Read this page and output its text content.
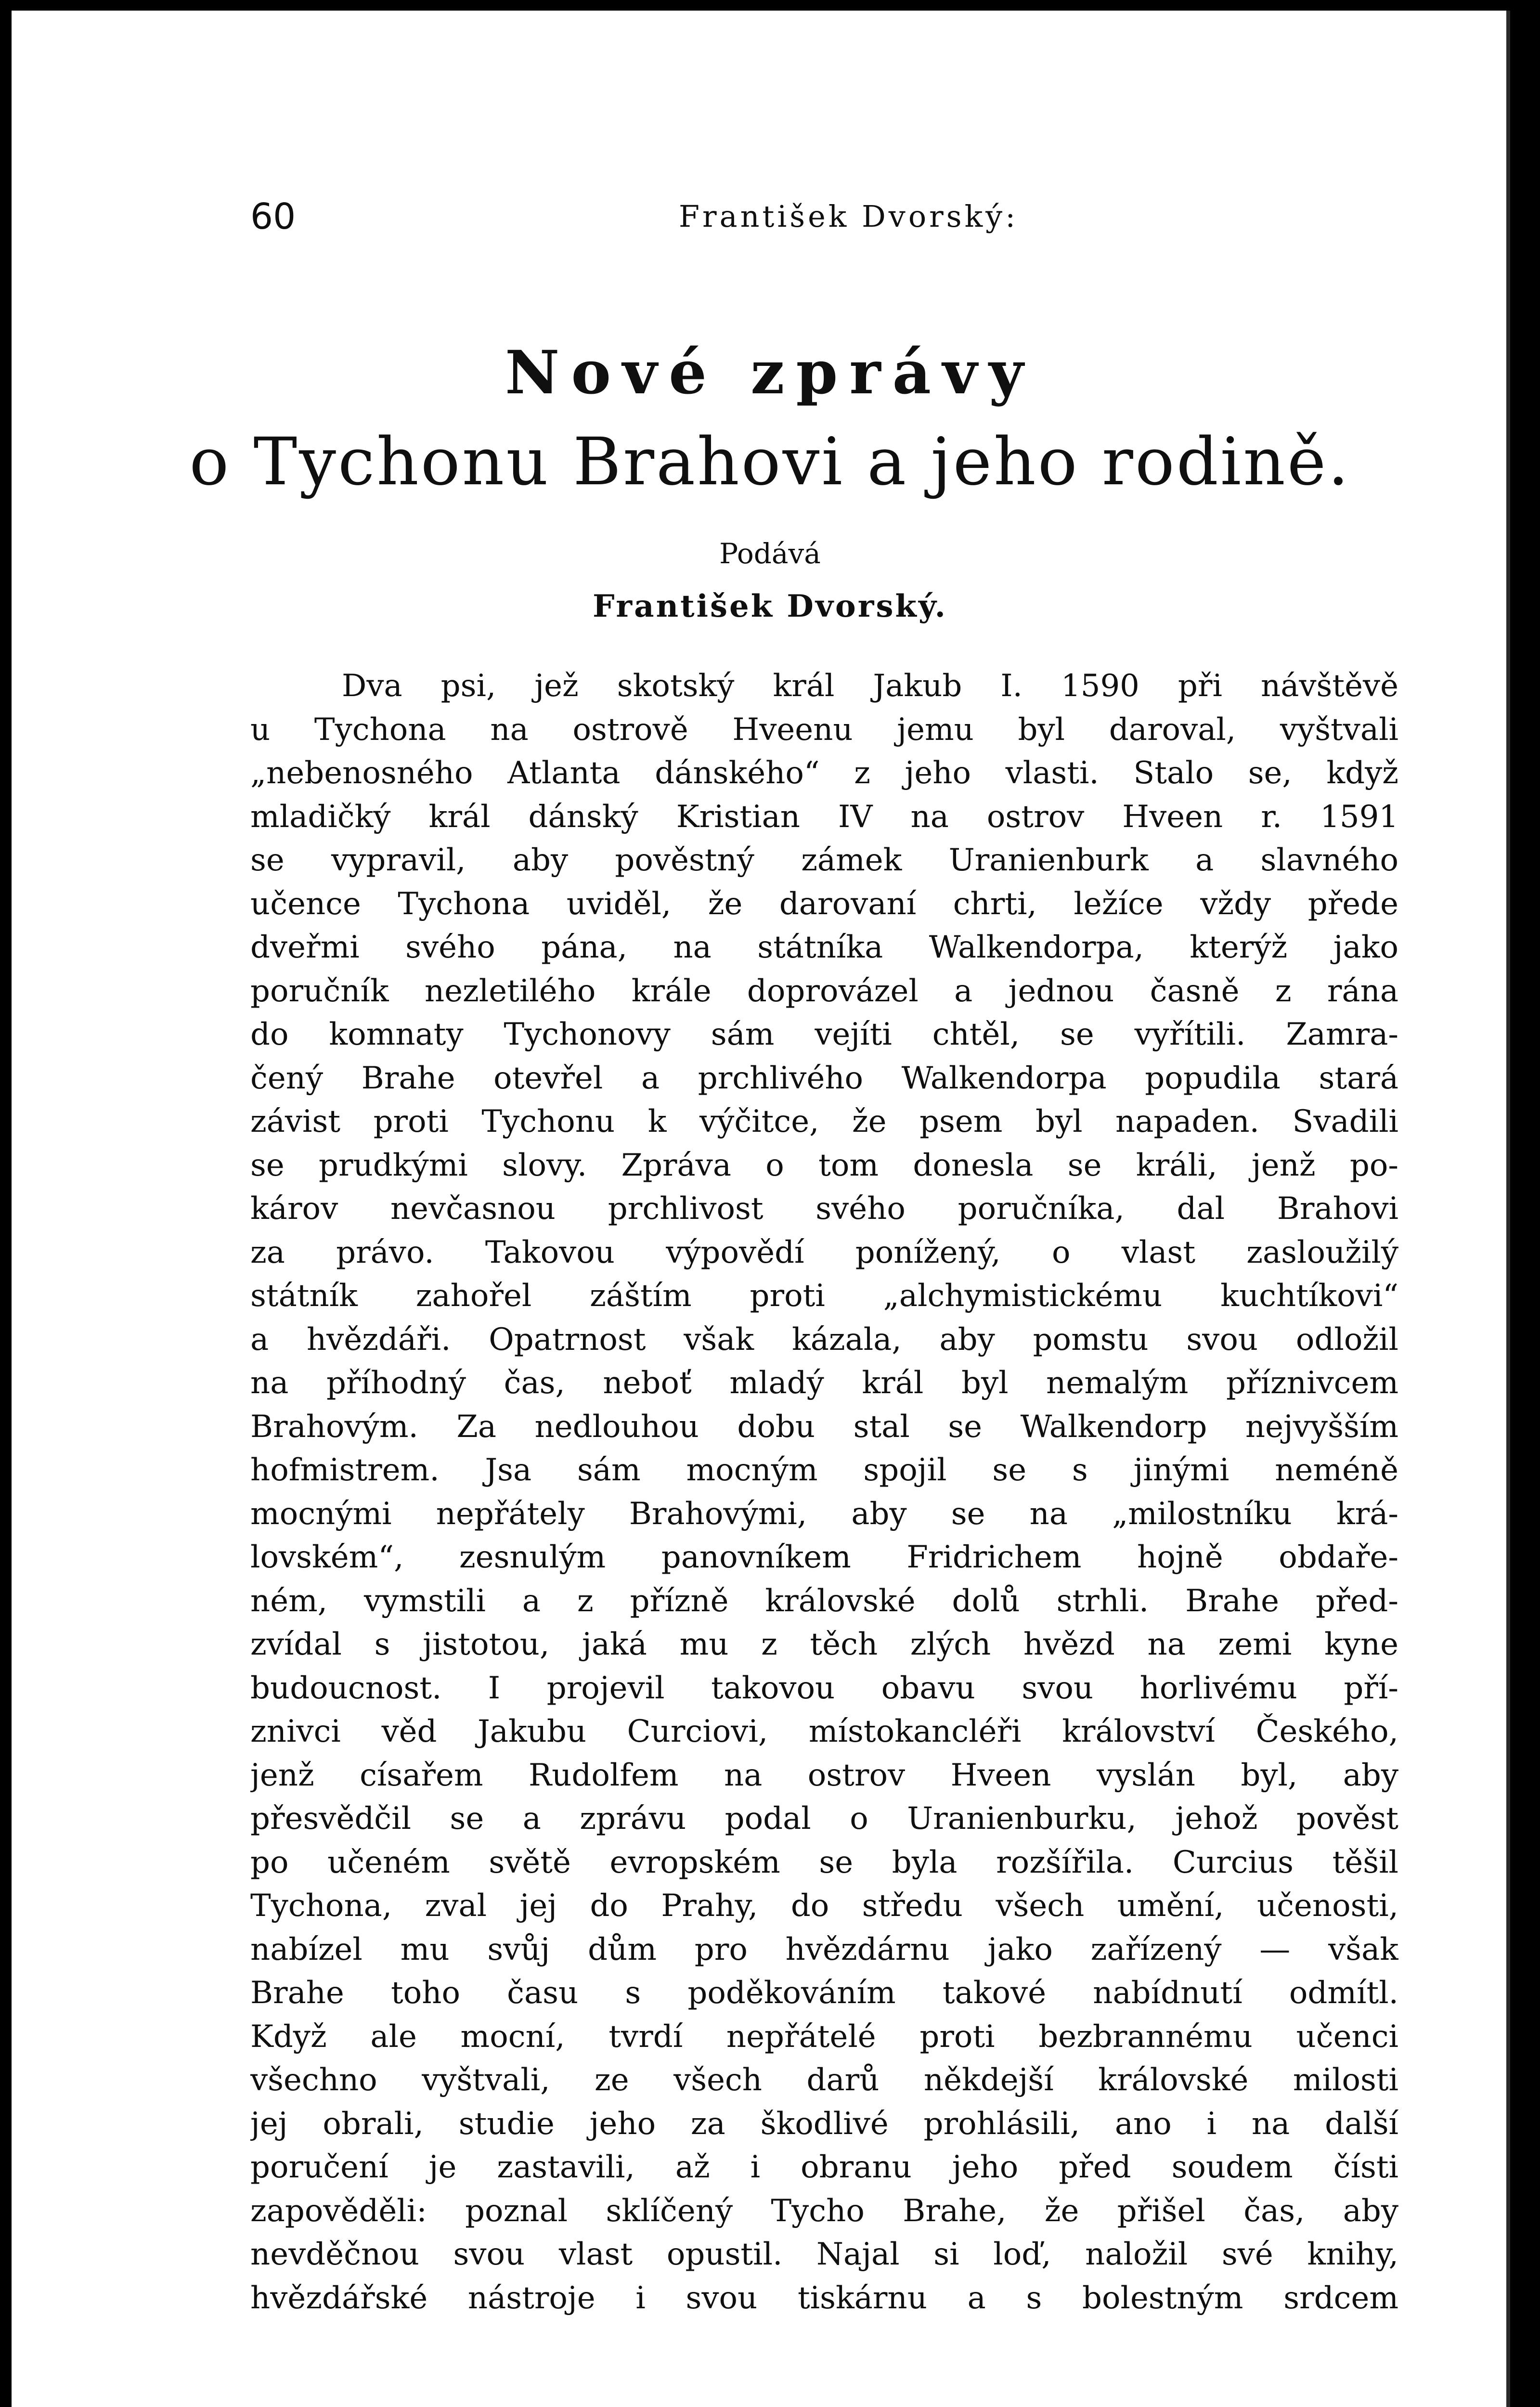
60	František Dvorský:
Nové zprávy
o Tychonu Brahovi a jeho rodině.
Podává
František Dvorský.
Dva psi, jež skotský král Jakub I. 1590 při návštěvě
u Tychona na ostrově Hveenu jemu byl daroval, vyštvali
„nebenosného Atlanta dánského“ z jeho vlasti. Stalo se, když
mladičký král dánský Kristian IV na ostrov Hveen r. 1591
se vypravil, aby pověstný zámek Uranienburk a slavného
učence Tychona uviděl, že darovaní chrti, ležíce vždy přede
dveřmi svého pána, na státníka Walkendorpa, kterýž jako
poručník nezletilého krále doprovázel a jednou časně z rána
do komnaty Tychonovy sám vejíti chtěl, se vyřítili. Zamra-
čený Brahe otevřel a prchlivého Walkendorpa popudila stará
závist proti Tychonu k výčitce, že psem byl napaden. Svadili
se prudkými slovy. Zpráva o tom donesla se králi, jenž po-
károv nevčasnou prchlivost svého poručníka, dal Brahovi
za právo. Takovou výpovědí ponížený, o vlast zasloužilý
státník zahořel záštím proti „alchymistickému kuchtíkovi“
a hvězdáři. Opatrnost však kázala, aby pomstu svou odložil
na příhodný čas, neboť mladý král byl nemalým příznivcem
Brahovým. Za nedlouhou dobu stal se Walkendorp nejvyšším
hofmistrem. Jsa sám mocným spojil se s jinými neméně
mocnými nepřátely Brahovými, aby se na „milostníku krá-
lovském“, zesnulým panovníkem Fridrichem hojně obdaře-
ném, vymstili a z přízně královské dolů strhli. Brahe před-
zvídal s jistotou, jaká mu z těch zlých hvězd na zemi kyne
budoucnost. I projevil takovou obavu svou horlivému pří-
znivci věd Jakubu Curciovi, místokancléři království Českého,
jenž císařem Rudolfem na ostrov Hveen vyslán byl, aby
přesvědčil se a zprávu podal o Uranienburku, jehož pověst
po učeném světě evropském se byla rozšířila. Curcius těšil
Tychona, zval jej do Prahy, do středu všech umění, učenosti,
nabízel mu svůj dům pro hvězdárnu jako zařízený — však
Brahe toho času s poděkováním takové nabídnutí odmítl.
Když ale mocní, tvrdí nepřátelé proti bezbrannému učenci
všechno vyštvali, ze všech darů někdejší královské milosti
jej obrali, studie jeho za škodlivé prohlásili, ano i na další
poručení je zastavili, až i obranu jeho před soudem čísti
zapověděli: poznal sklíčený Tycho Brahe, že přišel čas, aby
nevděčnou svou vlast opustil. Najal si loď, naložil své knihy,
hvězdářské nástroje i svou tiskárnu a s bolestným srdcem
